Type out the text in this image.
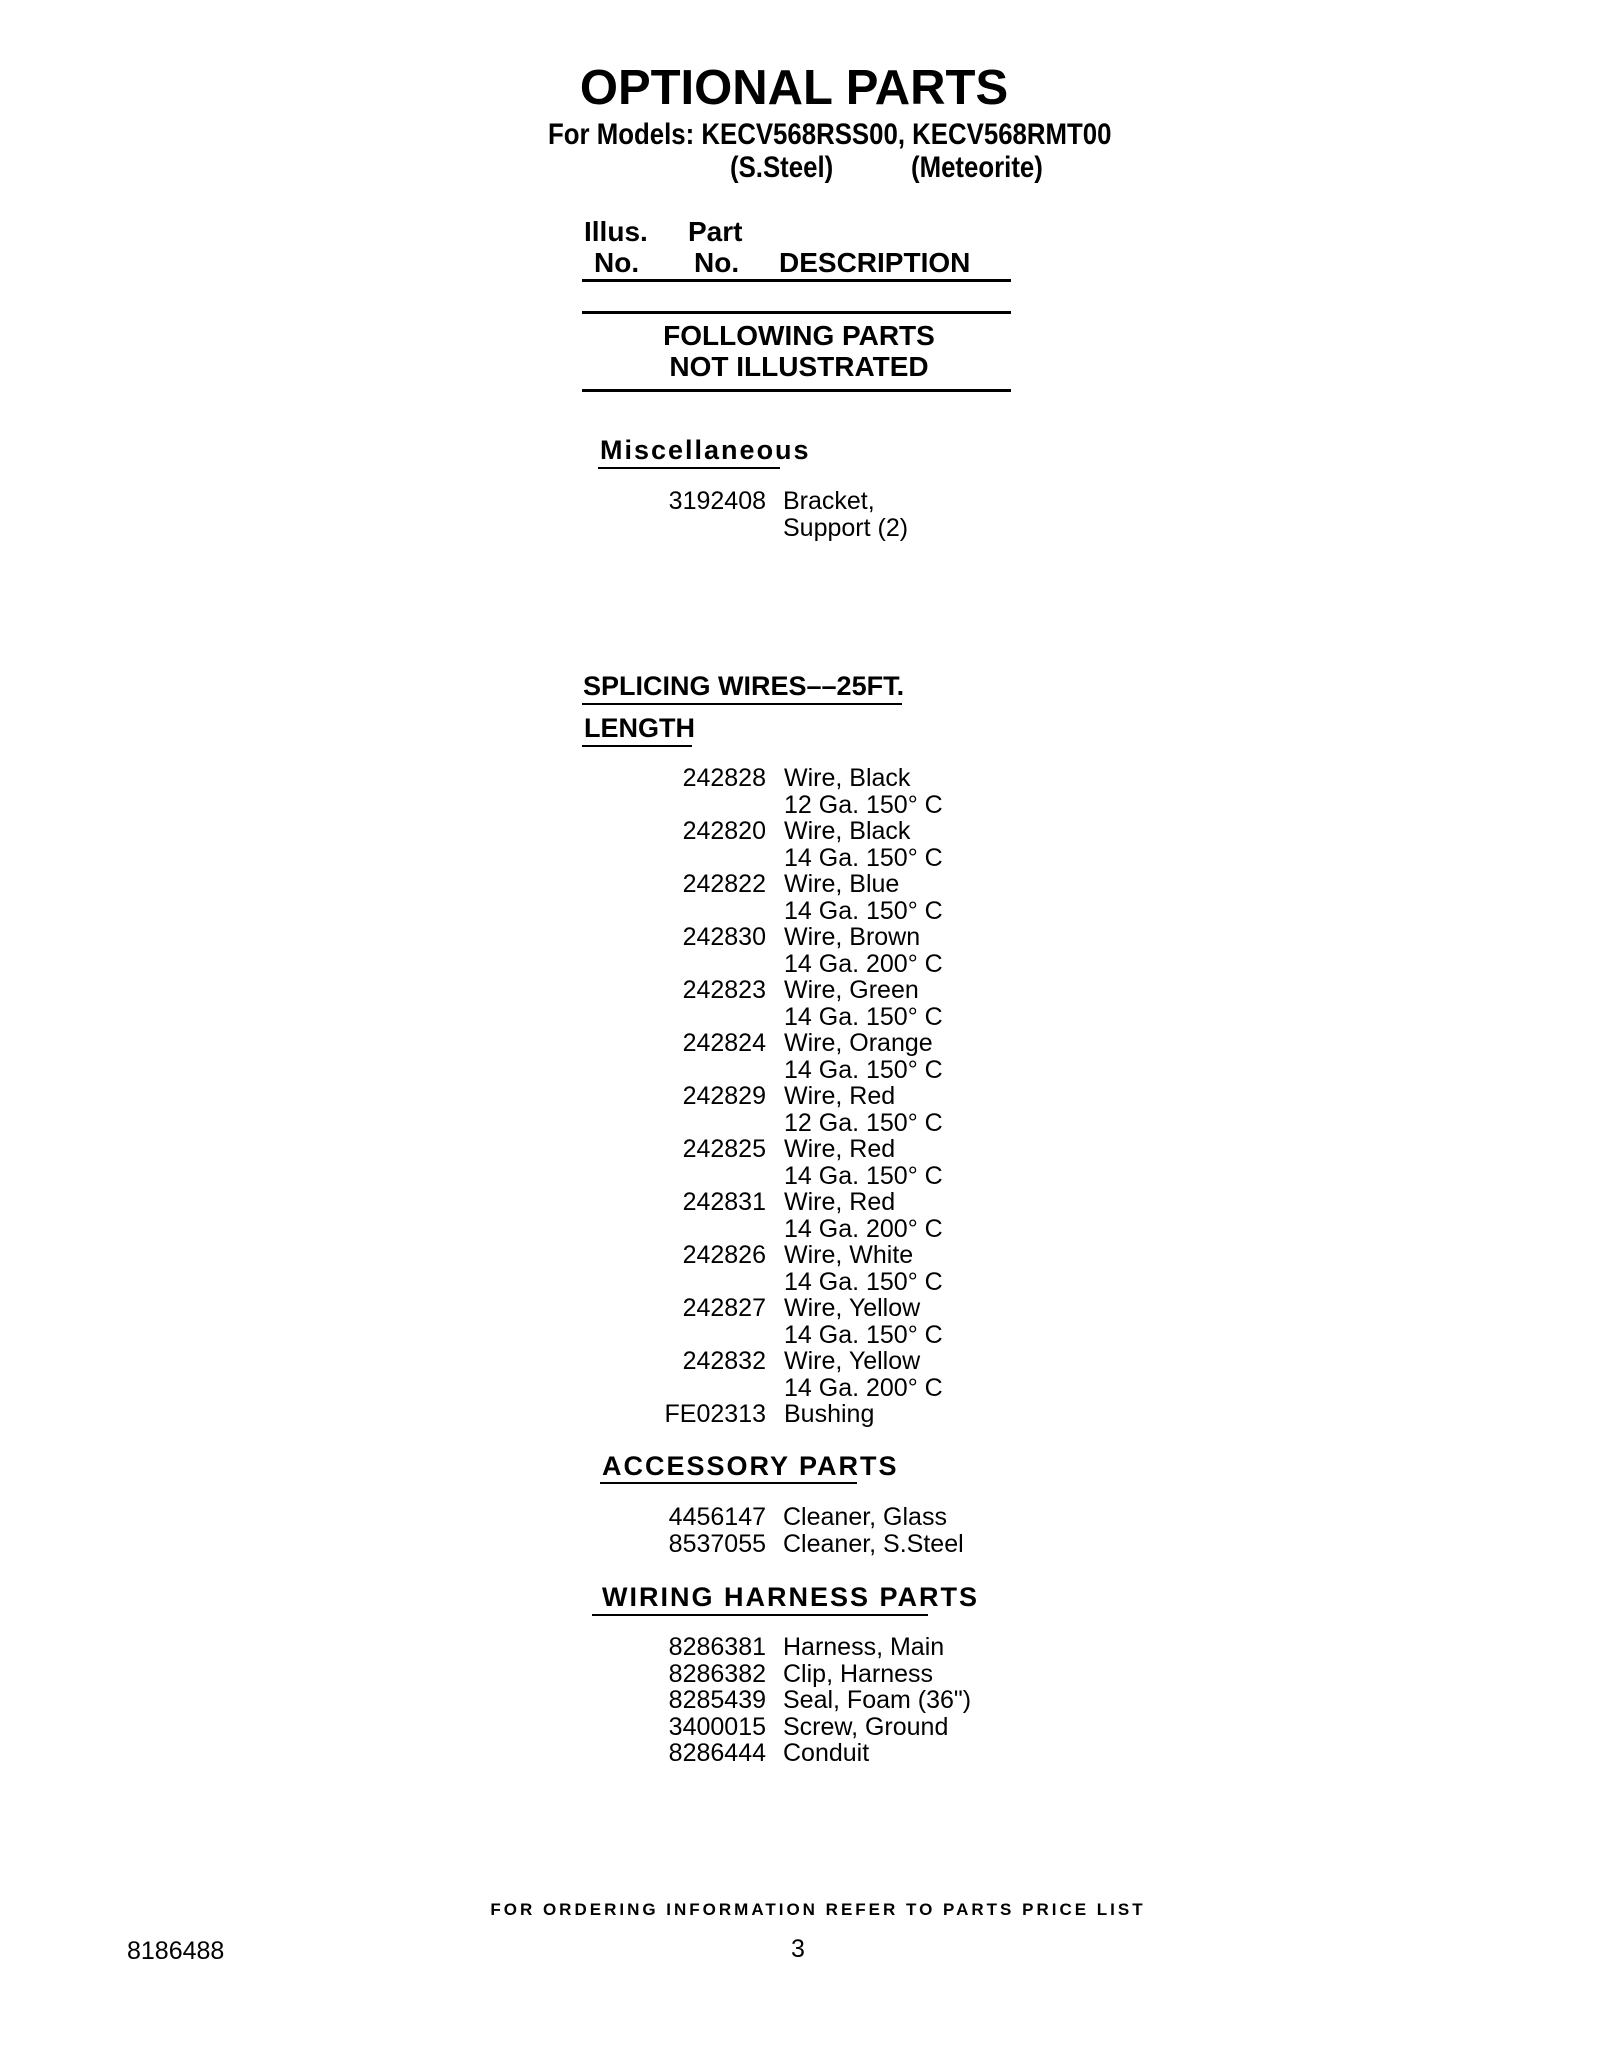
OPTIONAL PARTS
For Models: KECV568RSS00, KECV568RMT00
(S.Steel)	(Meteorite)
Illus.
No.
Part
No. DESCRIPTION
FOLLOWING PARTS
NOT ILLUSTRATED
Miscellaneous
3192408 Bracket,
Support (2)
SPLICING WIRES––25FT.
LENGTH
242828 Wire, Black
12 Ga. 150° C
242820 Wire, Black
14 Ga. 150° C
242822 Wire, Blue
14 Ga. 150° C
242830 Wire, Brown
14 Ga. 200° C
242823 Wire, Green
14 Ga. 150° C
242824 Wire, Orange
14 Ga. 150° C
242829 Wire, Red
12 Ga. 150° C
242825 Wire, Red
14 Ga. 150° C
242831 Wire, Red
14 Ga. 200° C
242826 Wire, White
14 Ga. 150° C
242827 Wire, Yellow
14 Ga. 150° C
242832 Wire, Yellow
14 Ga. 200° C
FE02313 Bushing
ACCESSORY PARTS
4456147 Cleaner, Glass
8537055 Cleaner, S.Steel
WIRING HARNESS PARTS
8286381 Harness, Main
8286382 Clip, Harness
8285439 Seal, Foam (36")
3400015 Screw, Ground
8286444 Conduit
FOR ORDERING INFORMATION REFER TO PARTS PRICE LIST
8186488	3
